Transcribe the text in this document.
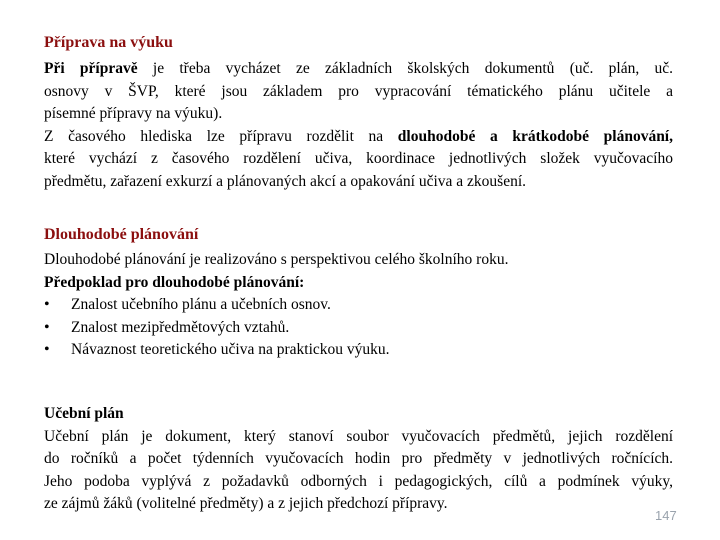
Příprava na výuku
Při přípravě je třeba vycházet ze základních školských dokumentů (uč. plán, uč.
osnovy v ŠVP, které jsou základem pro vypracování tématického plánu učitele a
písemné přípravy na výuku).
Z časového hlediska lze přípravu rozdělit na dlouhodobé a krátkodobé plánování,
které vychází z časového rozdělení učiva, koordinace jednotlivých složek vyučovacího
předmětu, zařazení exkurzí a plánovaných akcí a opakování učiva a zkoušení.
Dlouhodobé plánování
Dlouhodobé plánování je realizováno s perspektivou celého školního roku.
Předpoklad pro dlouhodobé plánování:
•	Znalost učebního plánu a učebních osnov.
•	Znalost mezipředmětových vztahů.
•	Návaznost teoretického učiva na praktickou výuku.
Učební plán
Učební plán je dokument, který stanoví soubor vyučovacích předmětů, jejich rozdělení
do ročníků a počet týdenních vyučovacích hodin pro předměty v jednotlivých ročnících.
Jeho podoba vyplývá z požadavků odborných i pedagogických, cílů a podmínek výuky,
ze zájmů žáků (volitelné předměty) a z jejich předchozí přípravy.
147
